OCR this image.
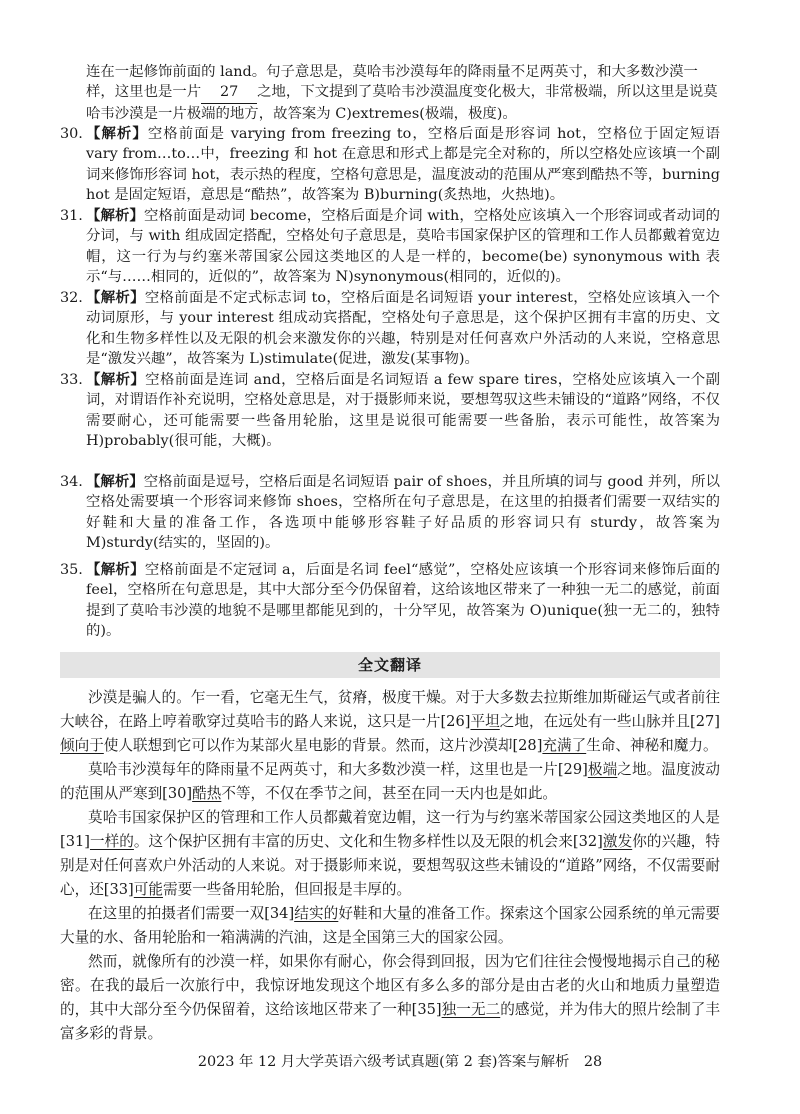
连在一起修饰前面的 land。句子意思是，莫哈韦沙漠每年的降雨量不足两英寸，和大多数沙漠一

样，这里也是一片 27 之地，下文提到了莫哈韦沙漠温度变化极大，非常极端，所以这里是说莫

哈韦沙漠是一片极端的地方，故答案为 C)extremes(极端，极度)。

30. 【解析】空格前面是 varying from freezing to，空格后面是形容词 hot，空格位于固定短语 vary from…to…中，freezing 和 hot 在意思和形式上都是完全对称的，所以空格处应该填一个副词来修饰形容词 hot，表示热的程度，空格句意思是，温度波动的范围从严寒到酷热不等，burning hot 是固定短语，意思是“酷热”，故答案为 B)burning(炙热地，火热地)。
31. 【解析】空格前面是动词 become，空格后面是介词 with，空格处应该填入一个形容词或者动词的分词，与 with 组成固定搭配，空格处句子意思是，莫哈韦国家保护区的管理和工作人员都戴着宽边帽，这一行为与约塞米蒂国家公园这类地区的人是一样的，become(be) synonymous with 表示“与……相同的，近似的”，故答案为 N)synonymous(相同的，近似的)。
32. 【解析】空格前面是不定式标志词 to，空格后面是名词短语 your interest，空格处应该填入一个动词原形，与 your interest 组成动宾搭配，空格处句子意思是，这个保护区拥有丰富的历史、文化和生物多样性以及无限的机会来激发你的兴趣，特别是对任何喜欢户外活动的人来说，空格意思是“激发兴趣”，故答案为 L)stimulate(促进，激发(某事物)。
33. 【解析】空格前面是连词 and，空格后面是名词短语 a few spare tires，空格处应该填入一个副词，对谓语作补充说明，空格处意思是，对于摄影师来说，要想驾驭这些未铺设的“道路”网络，不仅需要耐心，还可能需要一些备用轮胎，这里是说很可能需要一些备胎，表示可能性，故答案为 H)probably(很可能，大概)。
34. 【解析】空格前面是逗号，空格后面是名词短语 pair of shoes，并且所填的词与 good 并列，所以空格处需要填一个形容词来修饰 shoes，空格所在句子意思是，在这里的拍摄者们需要一双结实的好鞋和大量的准备工作，各选项中能够形容鞋子好品质的形容词只有 sturdy，故答案为M)sturdy(结实的，坚固的)。
35. 【解析】空格前面是不定冠词 a，后面是名词 feel“感觉”，空格处应该填一个形容词来修饰后面的 feel，空格所在句意思是，其中大部分至今仍保留着，这给该地区带来了一种独一无二的感觉，前面提到了莫哈韦沙漠的地貌不是哪里都能见到的，十分罕见，故答案为 O)unique(独一无二的，独特的)。
全文翻译

沙漠是骗人的。乍一看，它毫无生气，贫瘠，极度干燥。对于大多数去拉斯维加斯碰运气或者前往大峡谷，在路上哼着歌穿过莫哈韦的路人来说，这只是一片[26]平坦之地，在远处有一些山脉并且[27]倾向于使人联想到它可以作为某部火星电影的背景。然而，这片沙漠却[28]充满了生命、神秘和魔力。

莫哈韦沙漠每年的降雨量不足两英寸，和大多数沙漠一样，这里也是一片[29]极端之地。温度波动的范围从严寒到[30]酷热不等，不仅在季节之间，甚至在同一天内也是如此。

莫哈韦国家保护区的管理和工作人员都戴着宽边帽，这一行为与约塞米蒂国家公园这类地区的人是[31]一样的。这个保护区拥有丰富的历史、文化和生物多样性以及无限的机会来[32]激发你的兴趣，特别是对任何喜欢户外活动的人来说。对于摄影师来说，要想驾驭这些未铺设的“道路”网络，不仅需要耐心，还[33]可能需要一些备用轮胎，但回报是丰厚的。

在这里的拍摄者们需要一双[34]结实的好鞋和大量的准备工作。探索这个国家公园系统的单元需要大量的水、备用轮胎和一箱满满的汽油，这是全国第三大的国家公园。

然而，就像所有的沙漠一样，如果你有耐心，你会得到回报，因为它们往往会慢慢地揭示自己的秘密。在我的最后一次旅行中，我惊讶地发现这个地区有多么多的部分是由古老的火山和地质力量塑造的，其中大部分至今仍保留着，这给该地区带来了一种[35]独一无二的感觉，并为伟大的照片绘制了丰富多彩的背景。

2023 年 12 月大学英语六级考试真题(第 2 套)答案与解析　28
